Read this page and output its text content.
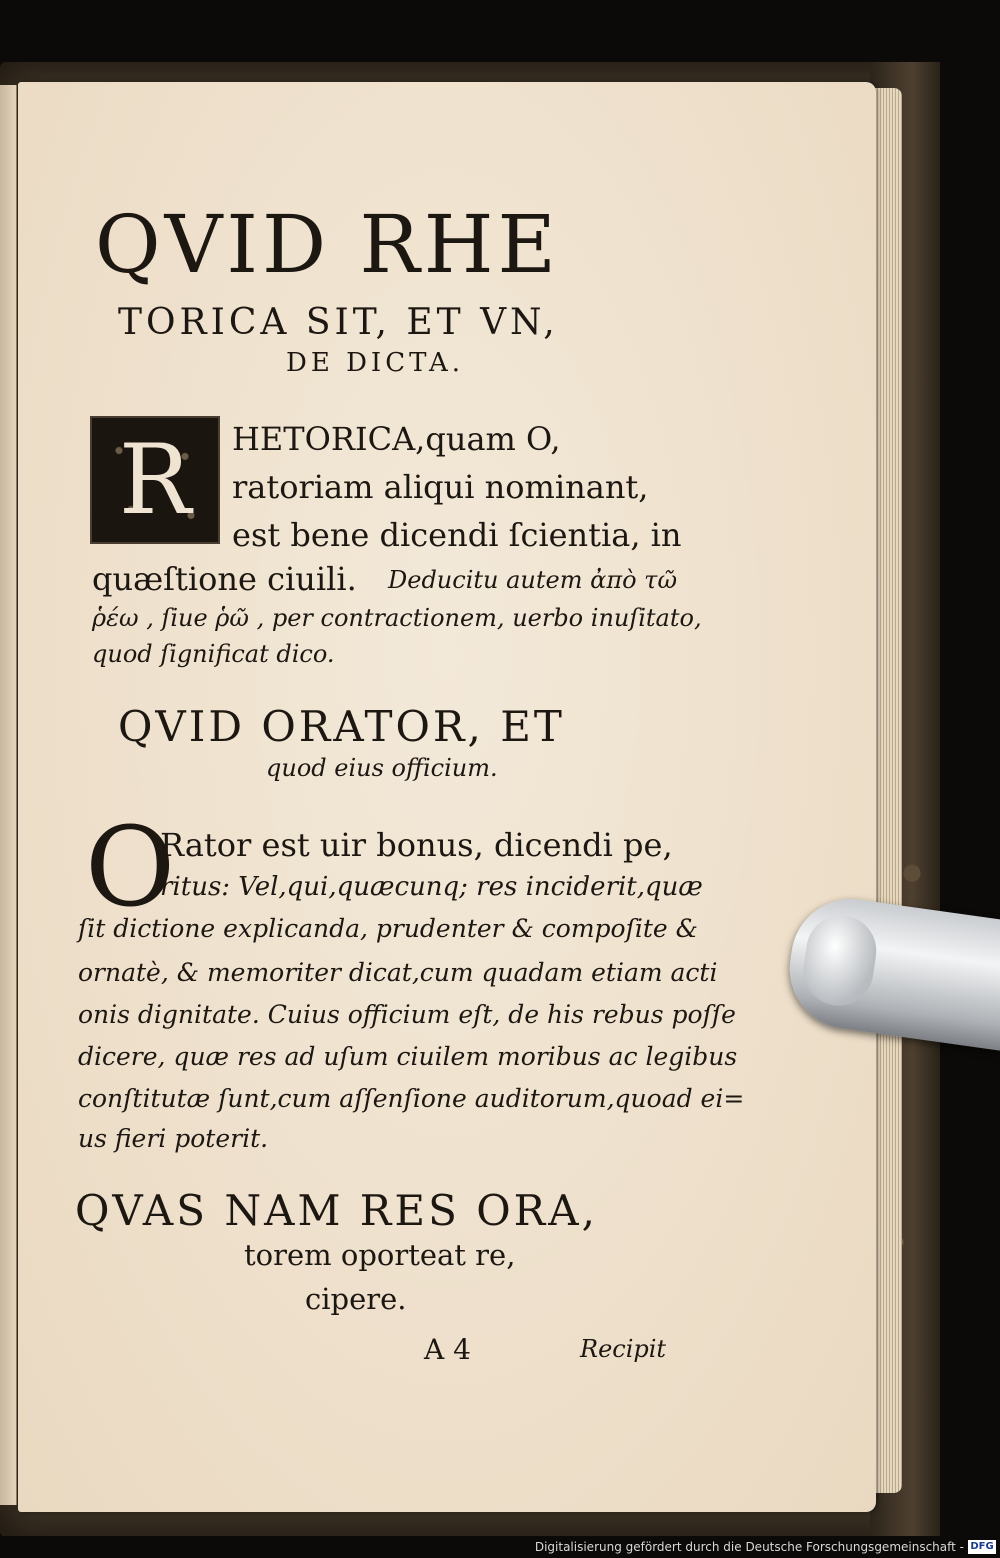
QVID RHE
TORICA SIT, ET VN,
DE DICTA.
R	HETORICA,quam O,
ratoriam aliqui nominant,
est bene dicendi ſcientia, in
quæſtione ciuili. Deducitu autem ἀπὸ τῶ
ῥέω , ſiue ῥῶ , per contractionem, uerbo inuſitato,
quod ſignificat dico.
QVID ORATOR, ET
quod eius officium.
O
Rator est uir bonus, dicendi pe,
ritus: Vel,qui,quæcunq; res inciderit,quæ
ſit dictione explicanda, prudenter & compoſite &
ornatè, & memoriter dicat,cum quadam etiam acti
onis dignitate. Cuius officium eſt, de his rebus poſſe
dicere, quæ res ad uſum ciuilem moribus ac legibus
conſtitutæ ſunt,cum aſſenſione auditorum,quoad ei=
us fieri poterit.
QVAS NAM RES ORA,
torem oporteat re,
cipere.
A 4	Recipit
Digitalisierung gefördert durch die Deutsche Forschungsgemeinschaft - DFG
